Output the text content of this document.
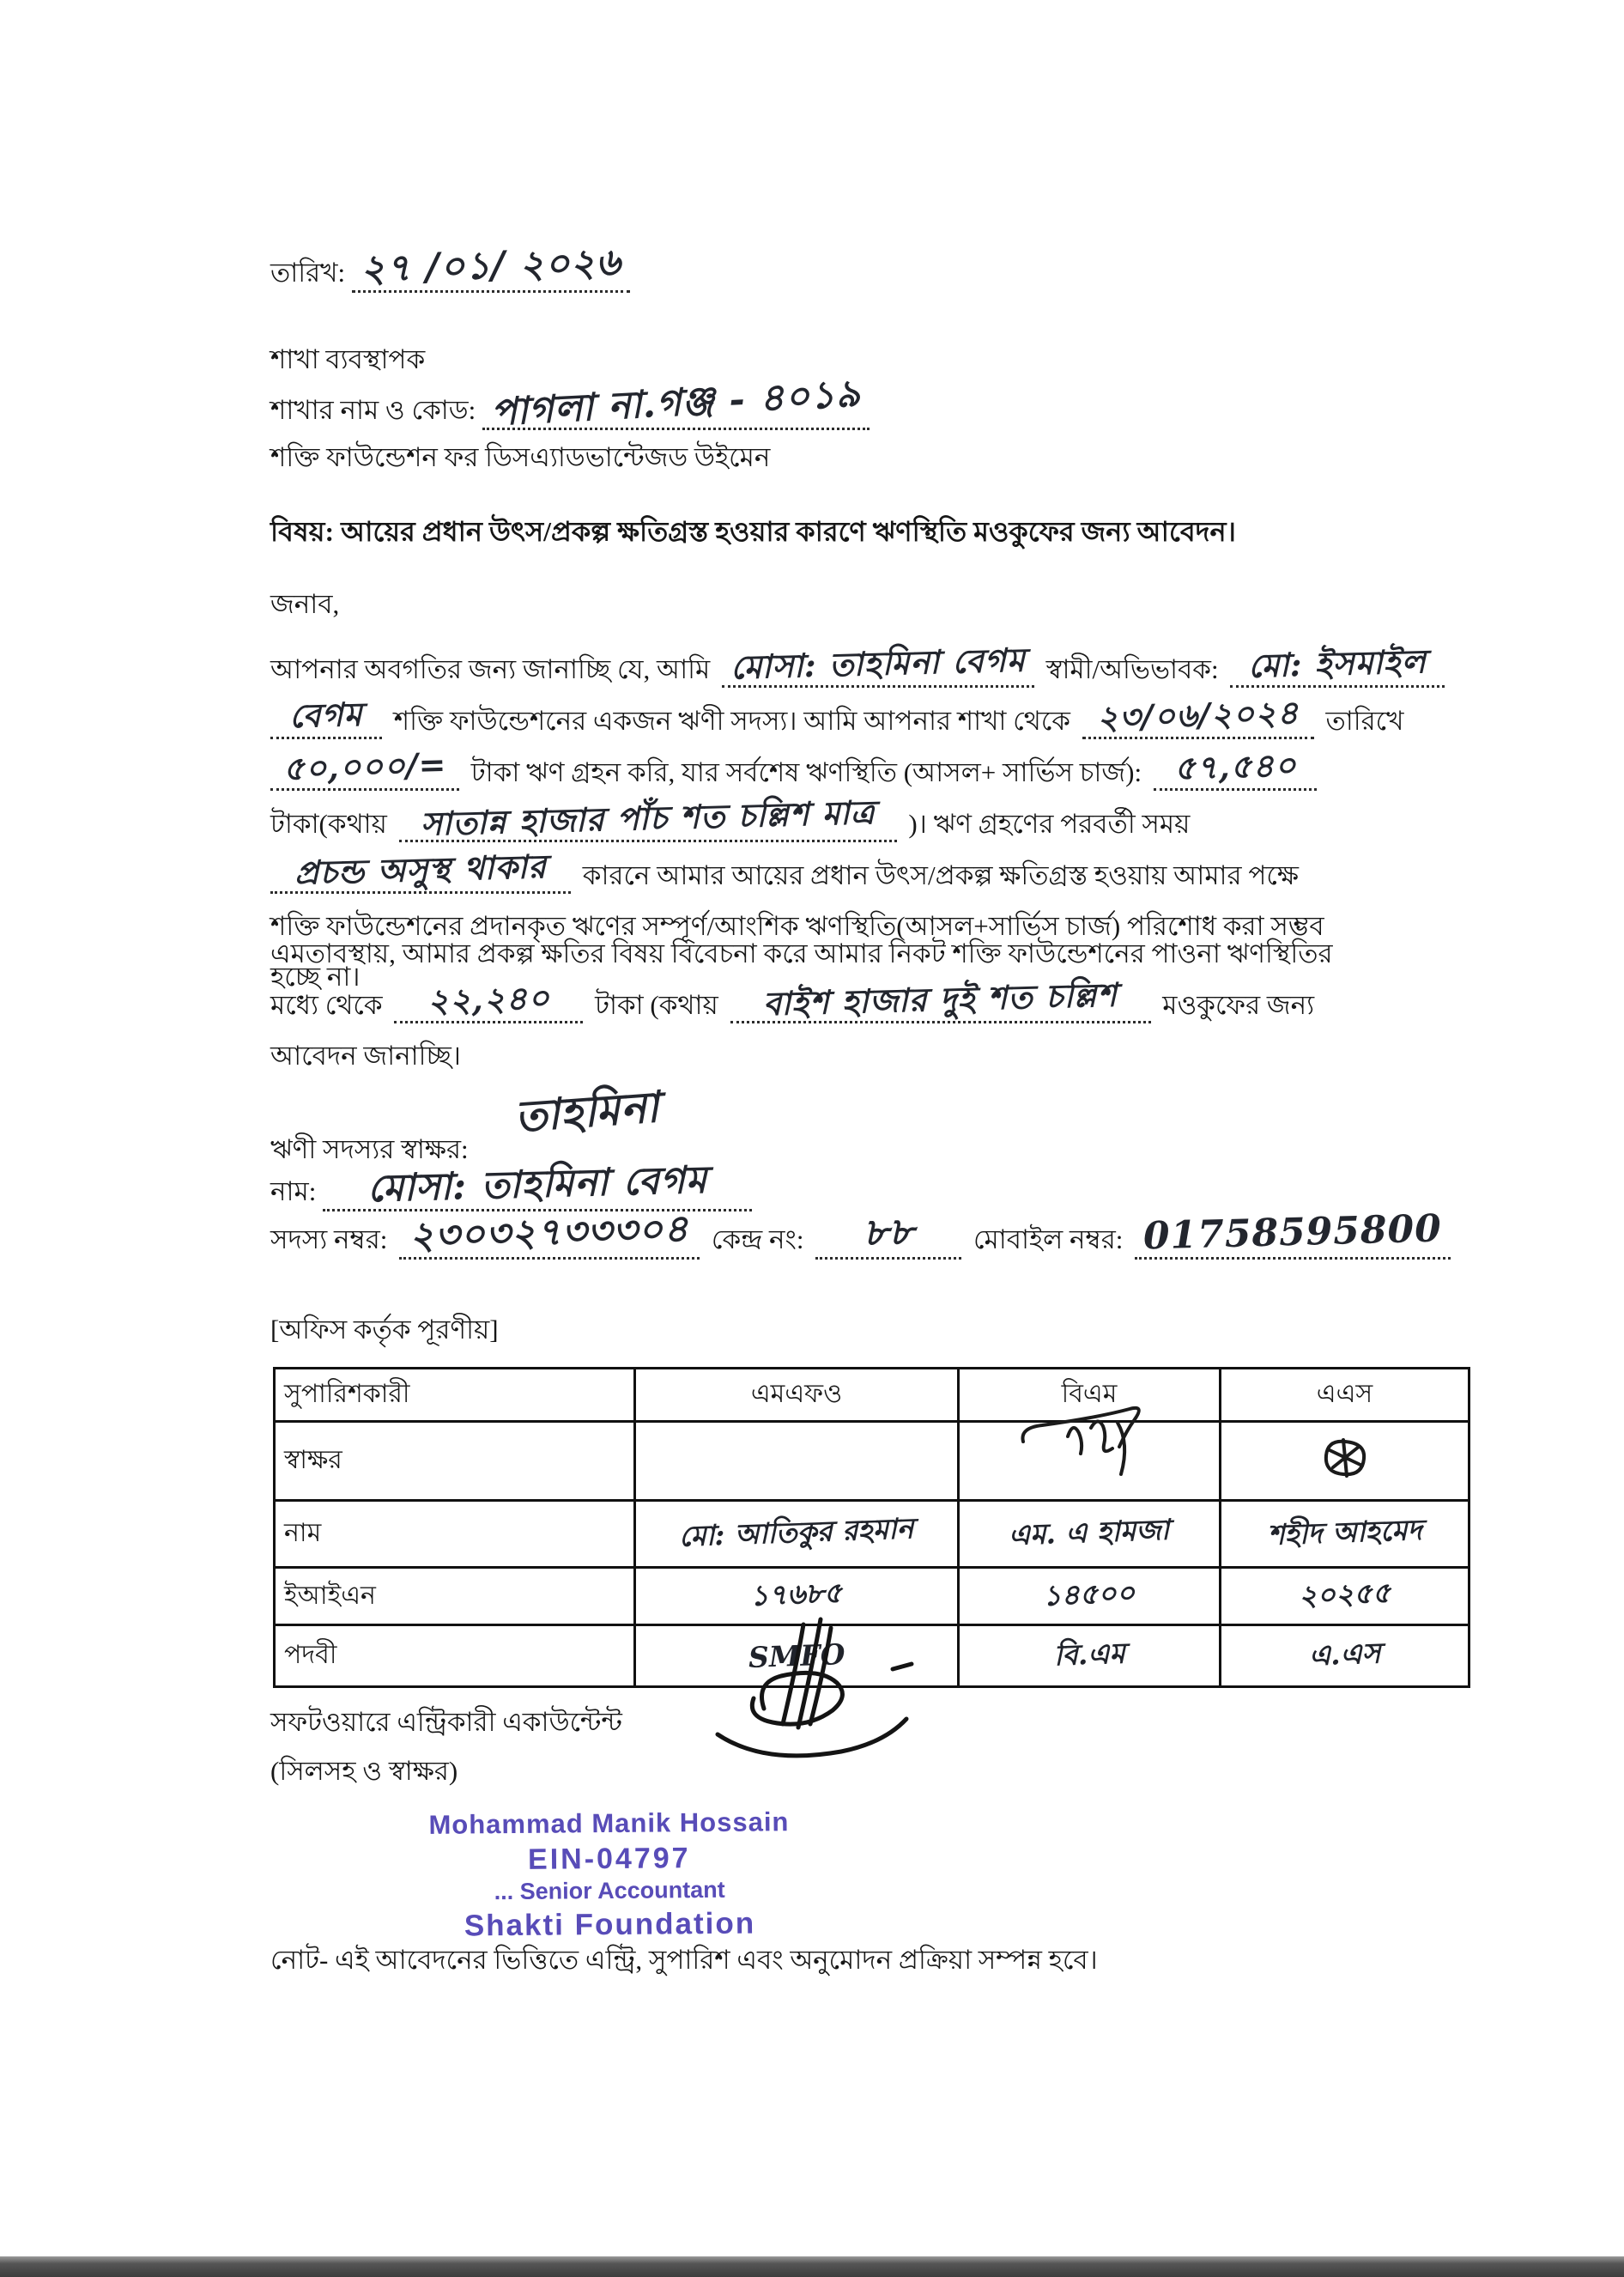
তারিখ: ২৭ /০১/ ২০২৬
শাখা ব্যবস্থাপক
শাখার নাম ও কোড: পাগলা না.গঞ্জ - ৪০১৯
শক্তি ফাউন্ডেশন ফর ডিসএ্যাডভান্টেজড উইমেন
বিষয়: আয়ের প্রধান উৎস/প্রকল্প ক্ষতিগ্রস্ত হওয়ার কারণে ঋণস্থিতি মওকুফের জন্য আবেদন।
জনাব,
আপনার অবগতির জন্য জানাচ্ছি যে, আমি মোসা: তাহমিনা বেগম স্বামী/অভিভাবক: মো: ইসমাইল
বেগম শক্তি ফাউন্ডেশনের একজন ঋণী সদস্য। আমি আপনার শাখা থেকে ২৩/০৬/২০২৪ তারিখে
৫০,০০০/= টাকা ঋণ গ্রহন করি, যার সর্বশেষ ঋণস্থিতি (আসল+ সার্ভিস চার্জ): ৫৭,৫৪০
টাকা(কথায় সাতান্ন হাজার পাঁচ শত চল্লিশ মাত্র )। ঋণ গ্রহণের পরবর্তী সময়
প্রচন্ড অসুস্থ থাকার কারনে আমার আয়ের প্রধান উৎস/প্রকল্প ক্ষতিগ্রস্ত হওয়ায় আমার পক্ষে
শক্তি ফাউন্ডেশনের প্রদানকৃত ঋণের সম্পূর্ণ/আংশিক ঋণস্থিতি(আসল+সার্ভিস চার্জ) পরিশোধ করা সম্ভব
হচ্ছে না।
এমতাবস্থায়, আমার প্রকল্প ক্ষতির বিষয় বিবেচনা করে আমার নিকট শক্তি ফাউন্ডেশনের পাওনা ঋণস্থিতির
মধ্যে থেকে ২২,২৪০ টাকা (কথায় বাইশ হাজার দুই শত চল্লিশ মওকুফের জন্য
আবেদন জানাচ্ছি।
তাহমিনা
ঋণী সদস্যর স্বাক্ষর:
নাম: মোসা: তাহমিনা বেগম
সদস্য নম্বর: ২৩০৩২৭৩৩৩০৪ কেন্দ্র নং: ৮৮ মোবাইল নম্বর: 01758595800
[অফিস কর্তৃক পূরণীয়]
সুপারিশকারী	এমএফও	বিএম	এএস
স্বাক্ষর			
নাম	মো: আতিকুর রহমান	এম. এ হামজা	শহীদ আহমেদ
ইআইএন	১৭৬৮৫	১৪৫০০	২০২৫৫
পদবী	SMFO	বি.এম	এ.এস
সফটওয়ারে এন্ট্রিকারী একাউন্টেন্ট
(সিলসহ ও স্বাক্ষর)
Mohammad Manik Hossain
EIN-04797
... Senior Accountant
Shakti Foundation
নোট- এই আবেদনের ভিত্তিতে এন্ট্রি, সুপারিশ এবং অনুমোদন প্রক্রিয়া সম্পন্ন হবে।
